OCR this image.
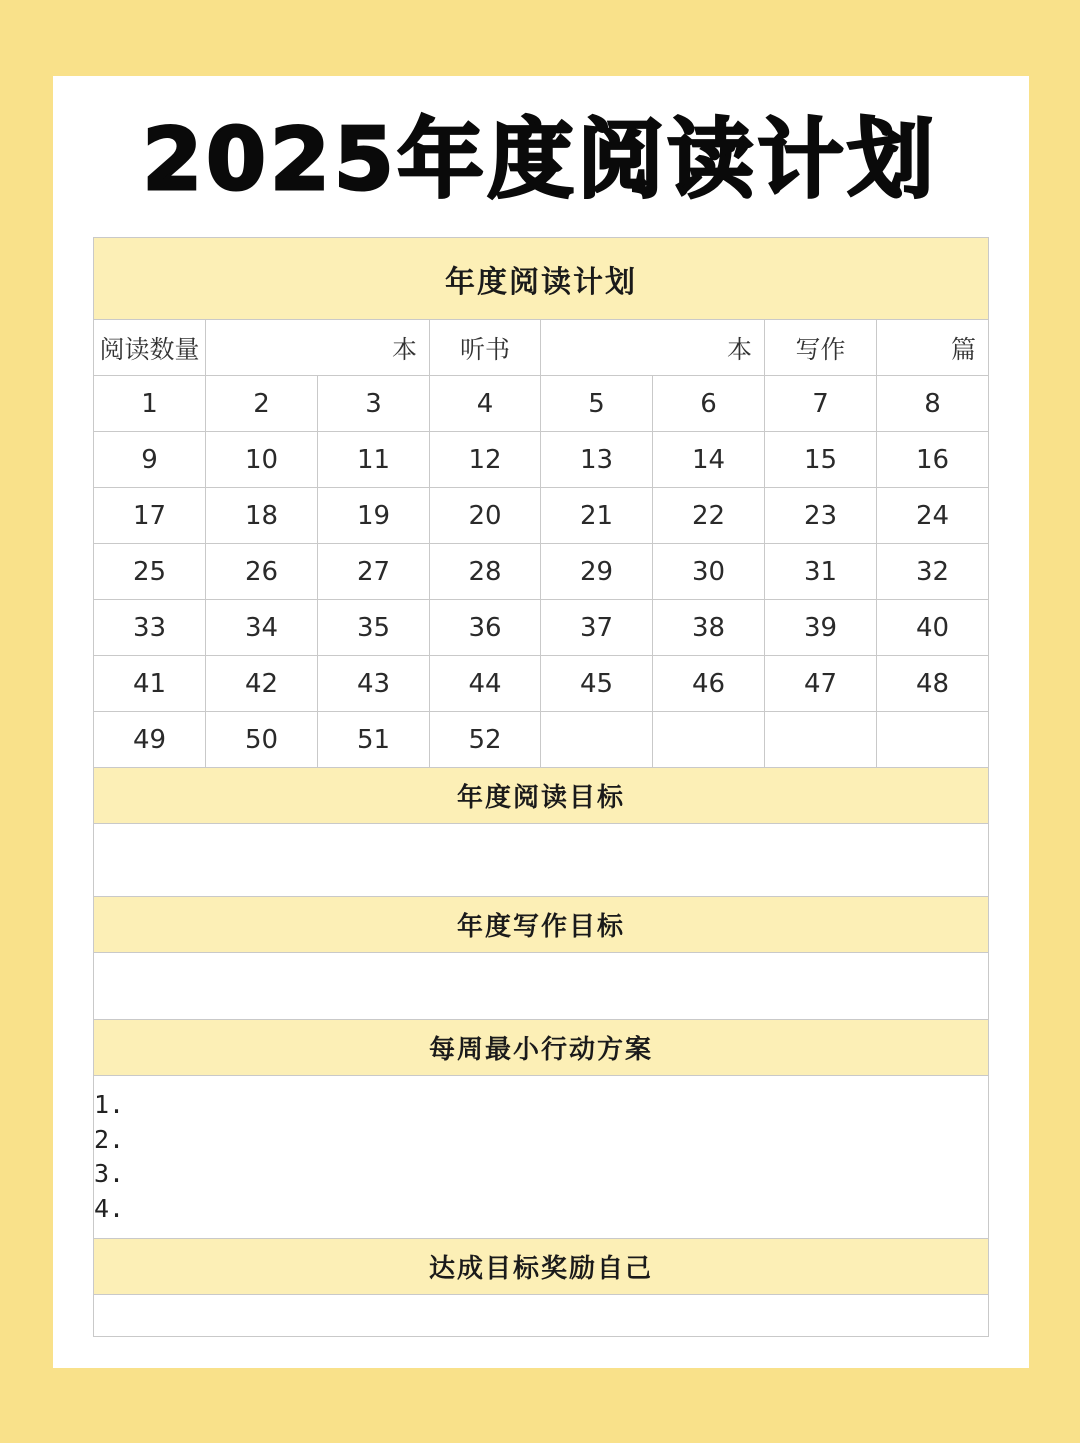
2025年度阅读计划
年度阅读计划							
阅读数量	本		听书	本		写作	篇
1	2	3	4	5	6	7	8
9	10	11	12	13	14	15	16
17	18	19	20	21	22	23	24
25	26	27	28	29	30	31	32
33	34	35	36	37	38	39	40
41	42	43	44	45	46	47	48
49	50	51	52				
年度阅读目标							

年度写作目标							

每周最小行动方案							

1.
2.
3.
4.							

达成目标奖励自己							
